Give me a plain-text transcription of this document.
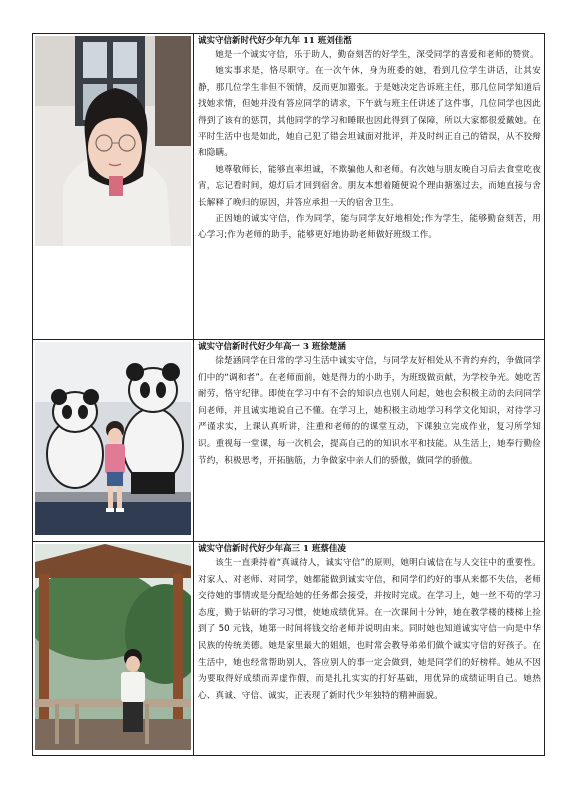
诚实守信新时代好少年九年 11 班刘佳湉

她是一个诚实守信，乐于助人，勤奋刻苦的好学生，深受同学的喜爱和老师的赞赏。

她实事求是，恪尽职守。在一次午休，身为班委的她，看到几位学生讲话，让其安静，那几位学生非但不领情，反而更加嚣张。于是她决定告诉班主任，那几位同学知道后找她求情，但她并没有答应同学的请求，下午就与班主任讲述了这件事，几位同学也因此得到了该有的惩罚，其他同学的学习和睡眠也因此得到了保障，所以大家都很爱戴她。在平时生活中也是如此，她自己犯了错会坦诚面对批评，并及时纠正自己的错误，从不狡辩和隐瞒。

她尊敬师长，能够直率坦诚，不欺骗他人和老师。有次她与朋友晚自习后去食堂吃夜宵，忘记看时间，熄灯后才回到宿舍。朋友本想着随便说个理由搪塞过去，而她直接与舍长解释了晚归的原因，并答应承担一天的宿舍卫生。

正因她的诚实守信，作为同学，能与同学友好地相处;作为学生，能够勤奋刻苦，用心学习;作为老师的助手，能够更好地协助老师做好班级工作。

诚实守信新时代好少年高一 3 班徐楚涵

徐楚涵同学在日常的学习生活中诚实守信，与同学友好相处从不背约弃约，争做同学们中的“调和者”。在老师面前，她是得力的小助手，为班级做贡献，为学校争光。她吃苦耐劳，恪守纪律。即使在学习中有不会的知识点也别人问起，她也会积极主动的去问同学问老师，并且诚实地说自己不懂。在学习上，她积极主动地学习科学文化知识，对待学习严谨求实，上课认真听讲，注重和老师的的课堂互动，下课独立完成作业，复习所学知识。重视每一堂课，每一次机会，提高自己的的知识水平和技能。从生活上，她奉行勤俭节约，积极思考，开拓脑筋，力争做家中亲人们的骄傲，做同学的骄傲。

诚实守信新时代好少年高三 1 班蔡佳凌

该生一直秉持着“真诚待人，诚实守信”的原则，她明白诚信在与人交往中的重要性。对家人、对老师、对同学，她都能做到诚实守信，和同学们约好的事从来都不失信，老师交待她的事情或是分配给她的任务都会接受，并按时完成。在学习上，她一丝不苟的学习态度，勤于钻研的学习习惯，使她成绩优异。在一次课间十分钟，她在教学楼的楼梯上捡到了 50 元钱，她第一时间将钱交给老师并说明由来。同时她也知道诚实守信一向是中华民族的传统美德。她是家里最大的姐姐，也时常会教导弟弟们做个诚实守信的好孩子。在生活中，她也经常帮助别人，答应别人的事一定会做到，她是同学们的好榜样。她从不因为要取得好成绩而弄虚作假，而是扎扎实实的打好基础，用优异的成绩证明自己。她热心、真诚、守信、诚实，正表现了新时代少年独特的精神面貌。
